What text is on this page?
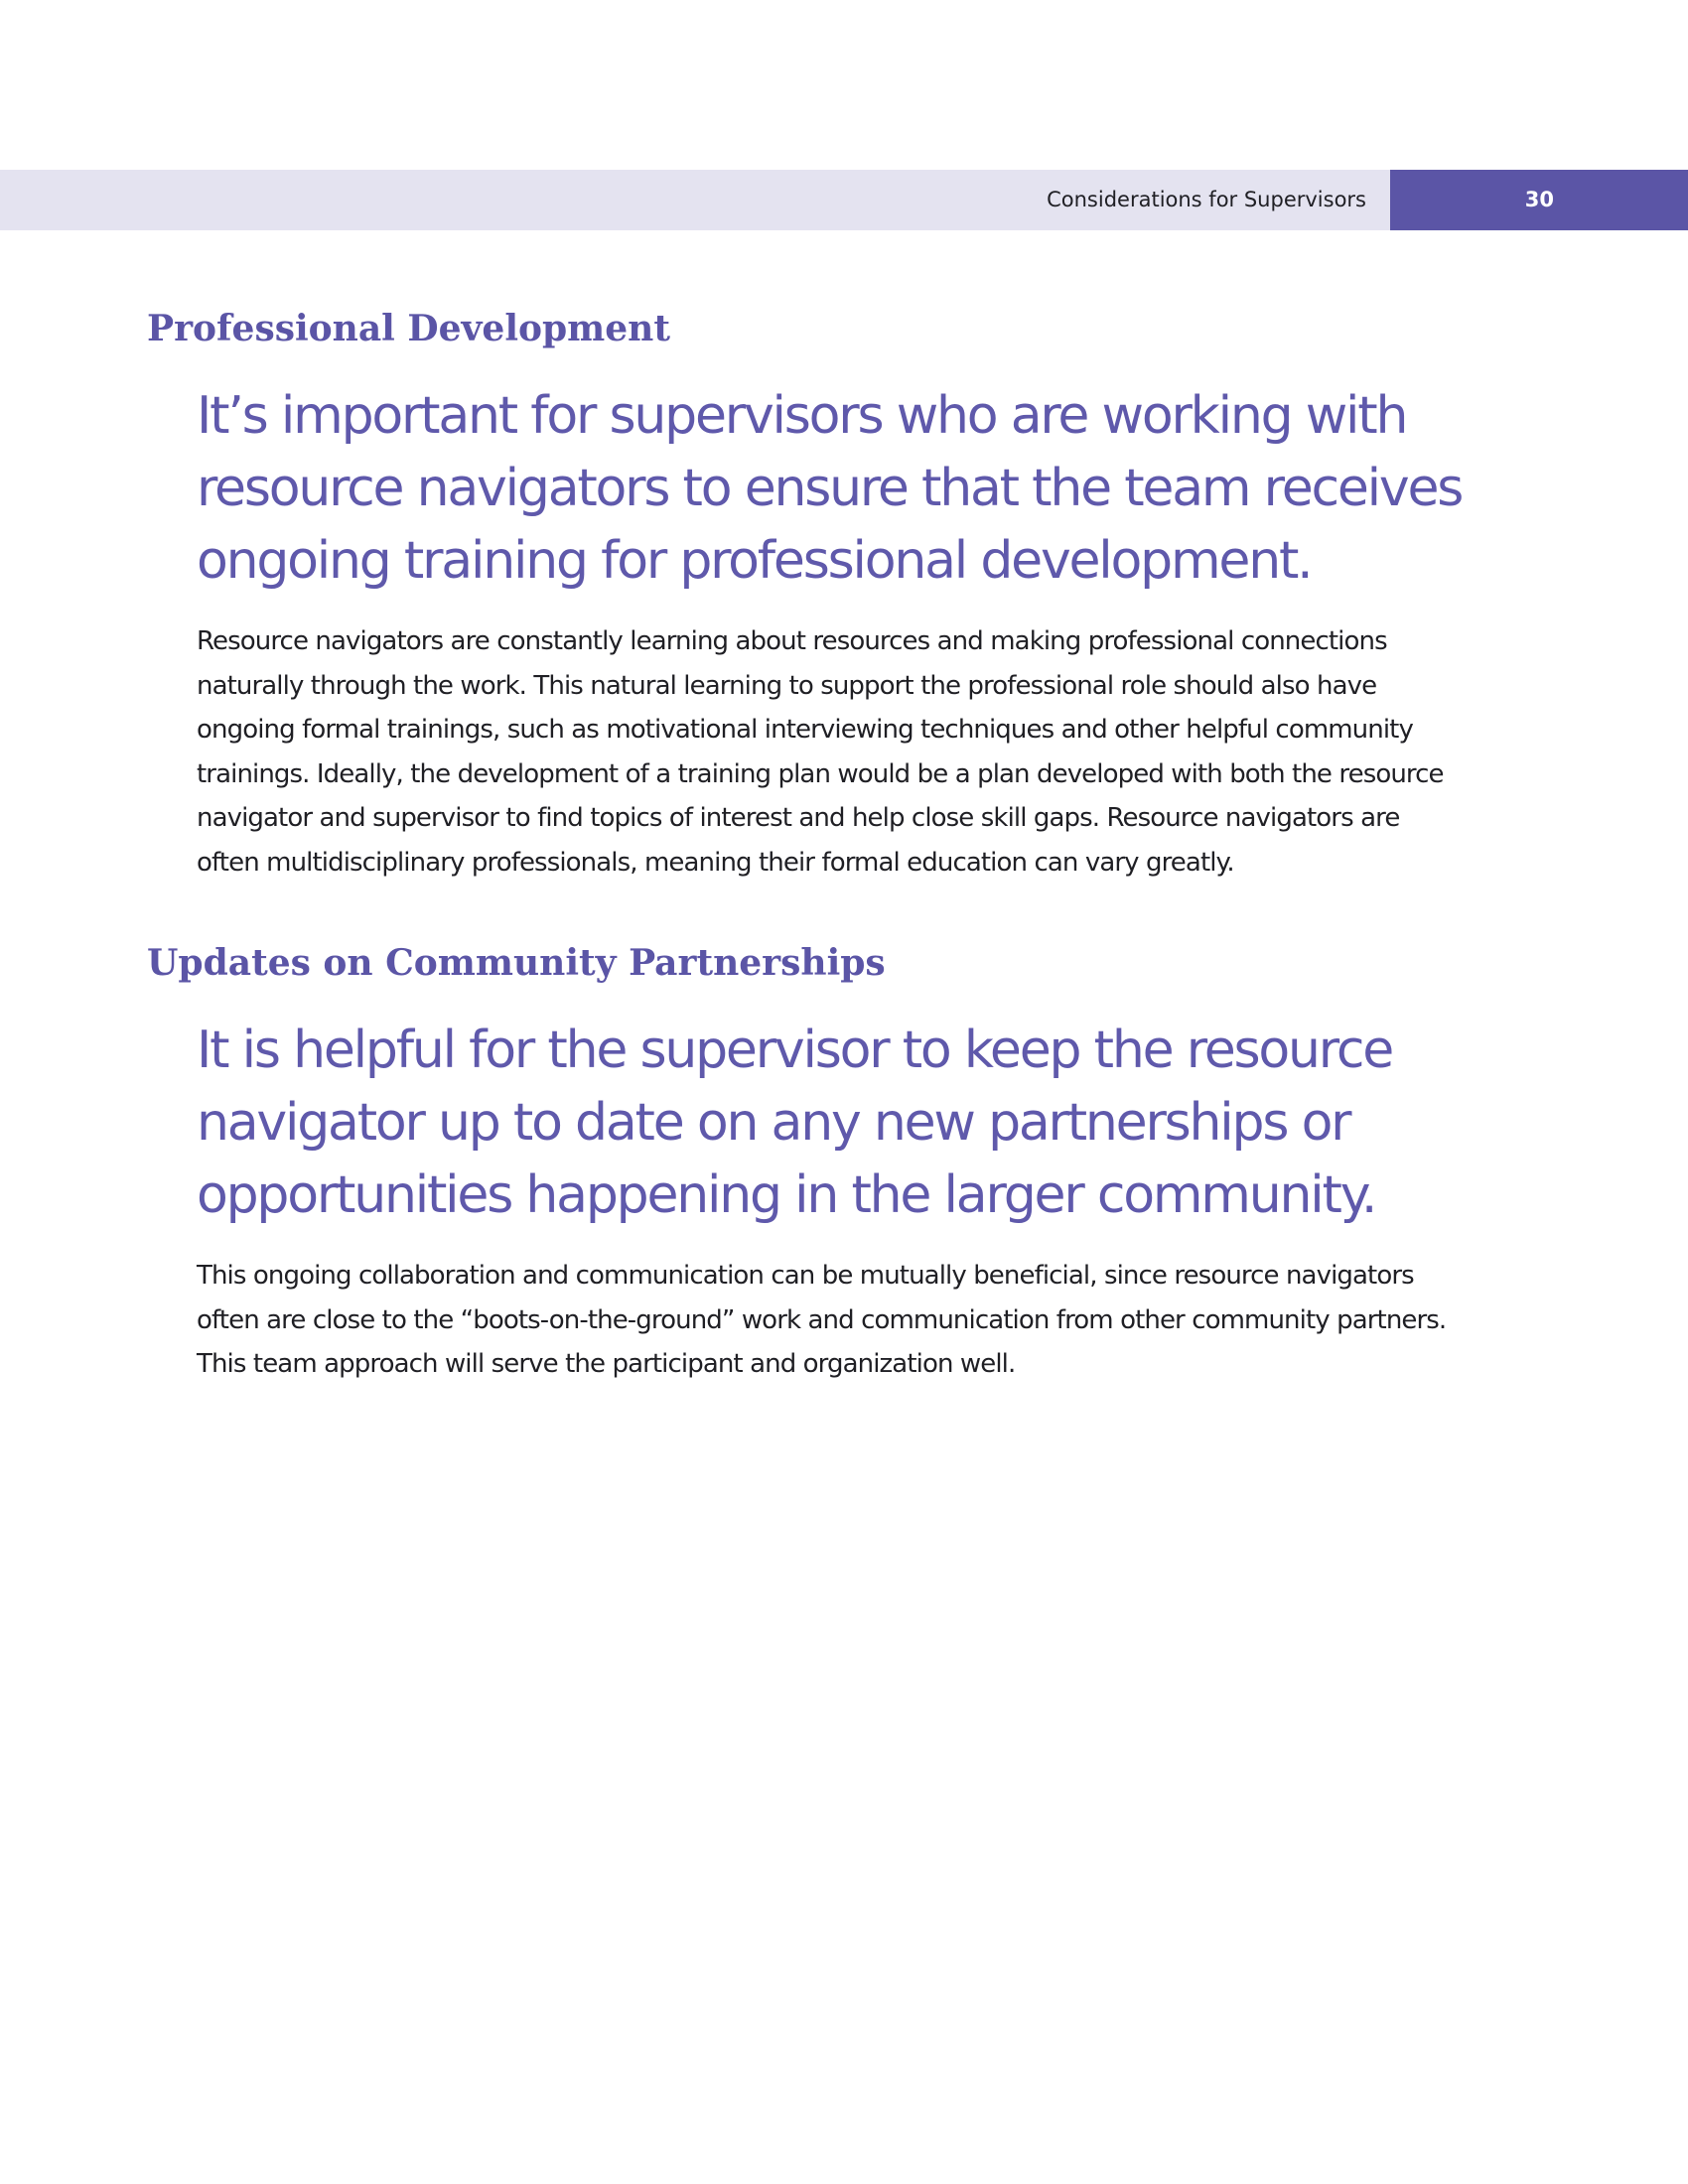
Considerations for Supervisors	30
Professional Development
It’s important for supervisors who are working with
resource navigators to ensure that the team receives
ongoing training for professional development.
Resource navigators are constantly learning about resources and making professional connections
naturally through the work. This natural learning to support the professional role should also have
ongoing formal trainings, such as motivational interviewing techniques and other helpful community
trainings. Ideally, the development of a training plan would be a plan developed with both the resource
navigator and supervisor to find topics of interest and help close skill gaps. Resource navigators are
often multidisciplinary professionals, meaning their formal education can vary greatly.
Updates on Community Partnerships
It is helpful for the supervisor to keep the resource
navigator up to date on any new partnerships or
opportunities happening in the larger community.
This ongoing collaboration and communication can be mutually beneficial, since resource navigators
often are close to the “boots-on-the-ground” work and communication from other community partners.
This team approach will serve the participant and organization well.
